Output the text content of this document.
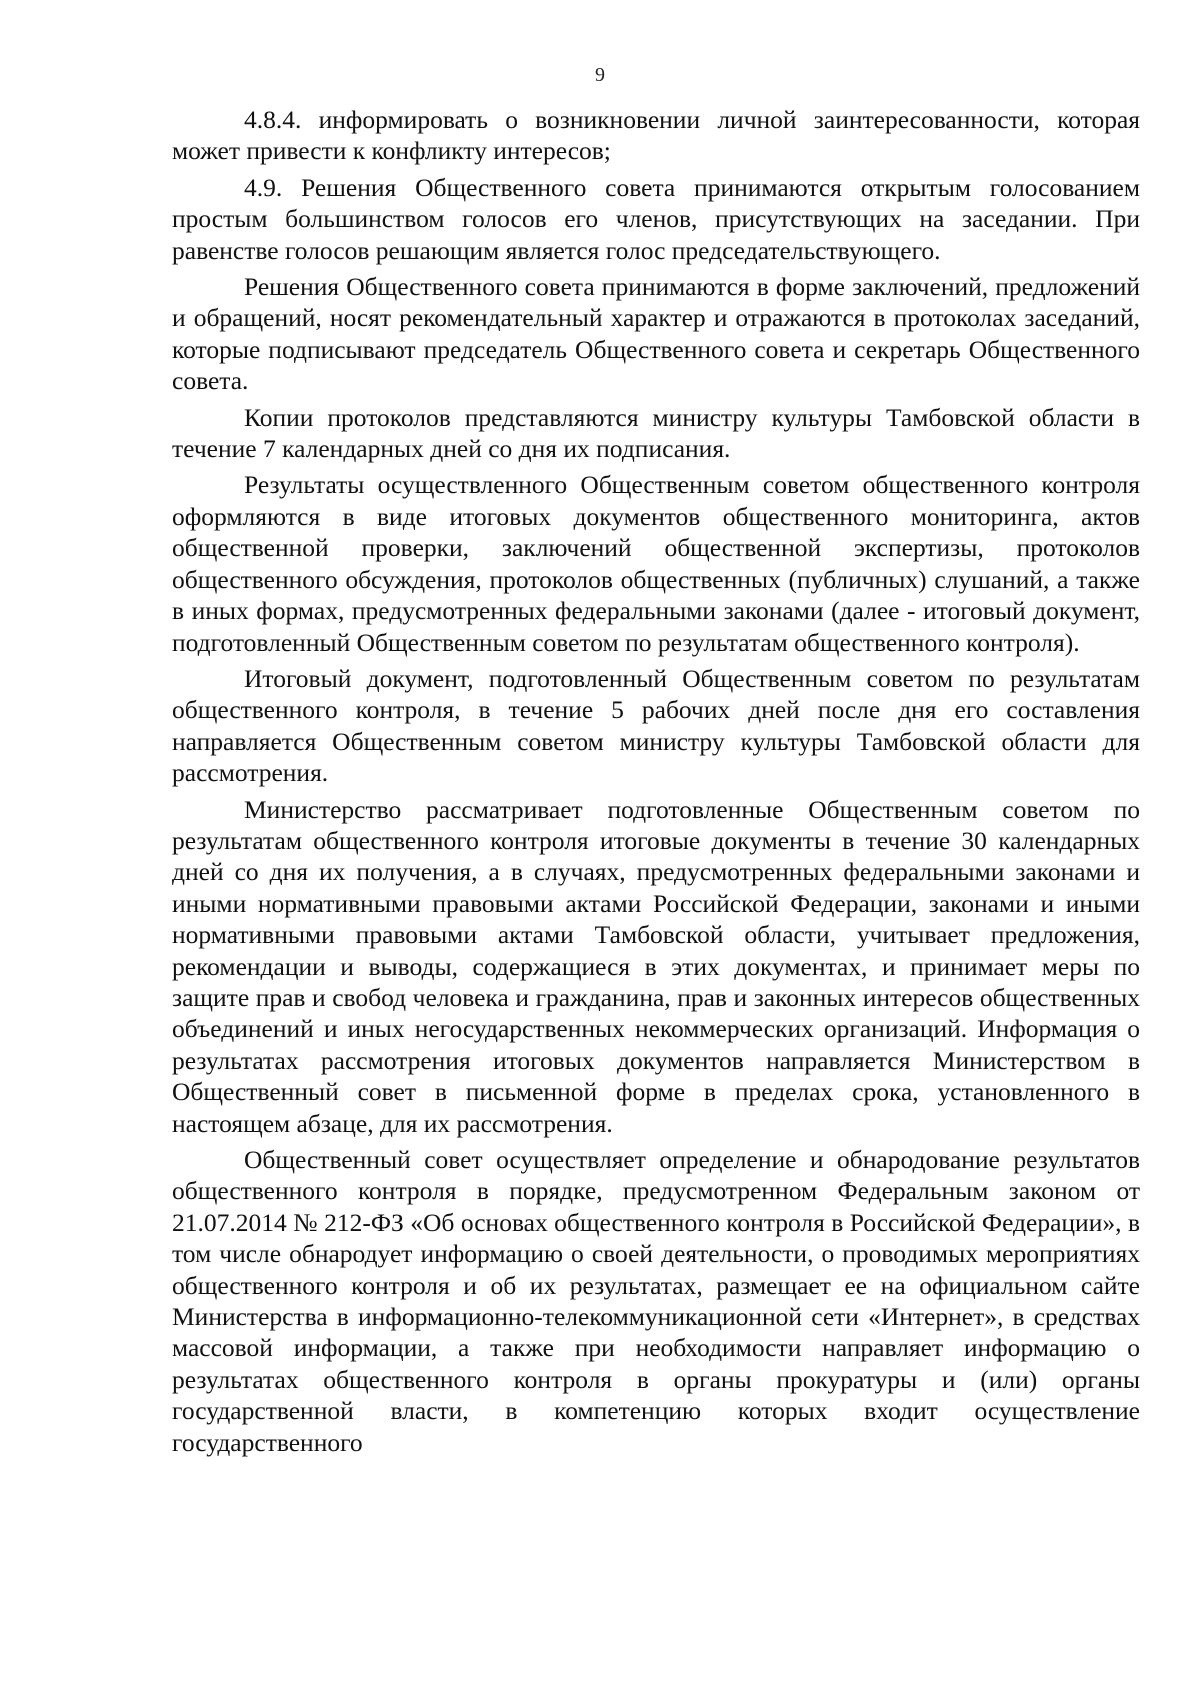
9

4.8.4. информировать о возникновении личной заинтересованности, которая может привести к конфликту интересов;

4.9. Решения Общественного совета принимаются открытым голосованием простым большинством голосов его членов, присутствующих на заседании. При равенстве голосов решающим является голос председательствующего.

Решения Общественного совета принимаются в форме заключений, предложений и обращений, носят рекомендательный характер и отражаются в протоколах заседаний, которые подписывают председатель Общественного совета и секретарь Общественного совета.

Копии протоколов представляются министру культуры Тамбовской области в течение 7 календарных дней со дня их подписания.

Результаты осуществленного Общественным советом общественного контроля оформляются в виде итоговых документов общественного мониторинга, актов общественной проверки, заключений общественной экспертизы, протоколов общественного обсуждения, протоколов общественных (публичных) слушаний, а также в иных формах, предусмотренных федеральными законами (далее - итоговый документ, подготовленный Общественным советом по результатам общественного контроля).

Итоговый документ, подготовленный Общественным советом по результатам общественного контроля, в течение 5 рабочих дней после дня его составления направляется Общественным советом министру культуры Тамбовской области для рассмотрения.

Министерство рассматривает подготовленные Общественным советом по результатам общественного контроля итоговые документы в течение 30 календарных дней со дня их получения, а в случаях, предусмотренных федеральными законами и иными нормативными правовыми актами Российской Федерации, законами и иными нормативными правовыми актами Тамбовской области, учитывает предложения, рекомендации и выводы, содержащиеся в этих документах, и принимает меры по защите прав и свобод человека и гражданина, прав и законных интересов общественных объединений и иных негосударственных некоммерческих организаций. Информация о результатах рассмотрения итоговых документов направляется Министерством в Общественный совет в письменной форме в пределах срока, установленного в настоящем абзаце, для их рассмотрения.

Общественный совет осуществляет определение и обнародование результатов общественного контроля в порядке, предусмотренном Федеральным законом от 21.07.2014 № 212-ФЗ «Об основах общественного контроля в Российской Федерации», в том числе обнародует информацию о своей деятельности, о проводимых мероприятиях общественного контроля и об их результатах, размещает ее на официальном сайте Министерства в информационно-телекоммуникационной сети «Интернет», в средствах массовой информации, а также при необходимости направляет информацию о результатах общественного контроля в органы прокуратуры и (или) органы государственной власти, в компетенцию которых входит осуществление государственного
